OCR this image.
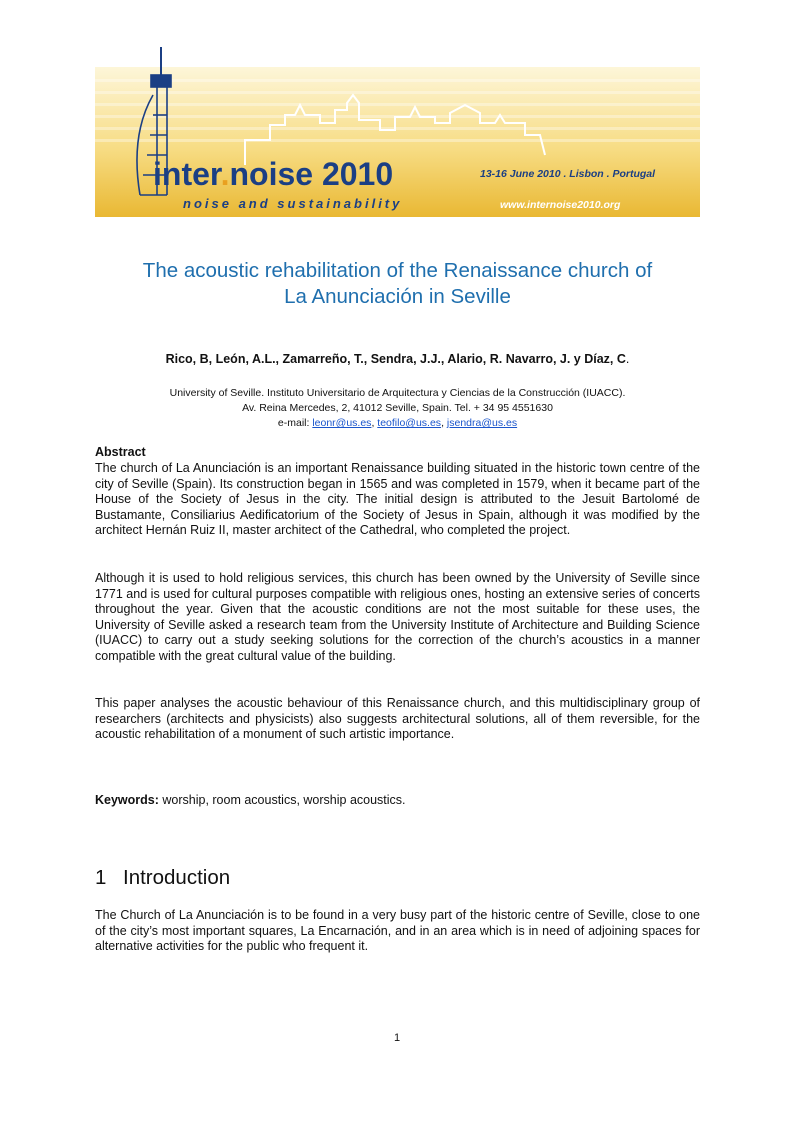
inter.noise 2010
noise and sustainability
13-16 June 2010 . Lisbon . Portugal
www.internoise2010.org
The acoustic rehabilitation of the Renaissance church of
La Anunciación in Seville
Rico, B, León, A.L., Zamarreño, T., Sendra, J.J., Alario, R. Navarro, J. y Díaz, C.
University of Seville. Instituto Universitario de Arquitectura y Ciencias de la Construcción (IUACC).
Av. Reina Mercedes, 2, 41012 Seville, Spain. Tel. + 34 95 4551630
e-mail: leonr@us.es, teofilo@us.es, jsendra@us.es
Abstract

The church of La Anunciación is an important Renaissance building situated in the historic town centre of the city of Seville (Spain). Its construction began in 1565 and was completed in 1579, when it became part of the House of the Society of Jesus in the city. The initial design is attributed to the Jesuit Bartolomé de Bustamante, Consiliarius Aedificatorium of the Society of Jesus in Spain, although it was modified by the architect Hernán Ruiz II, master architect of the Cathedral, who completed the project.

Although it is used to hold religious services, this church has been owned by the University of Seville since 1771 and is used for cultural purposes compatible with religious ones, hosting an extensive series of concerts throughout the year. Given that the acoustic conditions are not the most suitable for these uses, the University of Seville asked a research team from the University Institute of Architecture and Building Science (IUACC) to carry out a study seeking solutions for the correction of the church’s acoustics in a manner compatible with the great cultural value of the building.

This paper analyses the acoustic behaviour of this Renaissance church, and this multidisciplinary group of researchers (architects and physicists) also suggests architectural solutions, all of them reversible, for the acoustic rehabilitation of a monument of such artistic importance.

Keywords: worship, room acoustics, worship acoustics.
1 Introduction

The Church of La Anunciación is to be found in a very busy part of the historic centre of Seville, close to one of the city’s most important squares, La Encarnación, and in an area which is in need of adjoining spaces for alternative activities for the public who frequent it.

1
